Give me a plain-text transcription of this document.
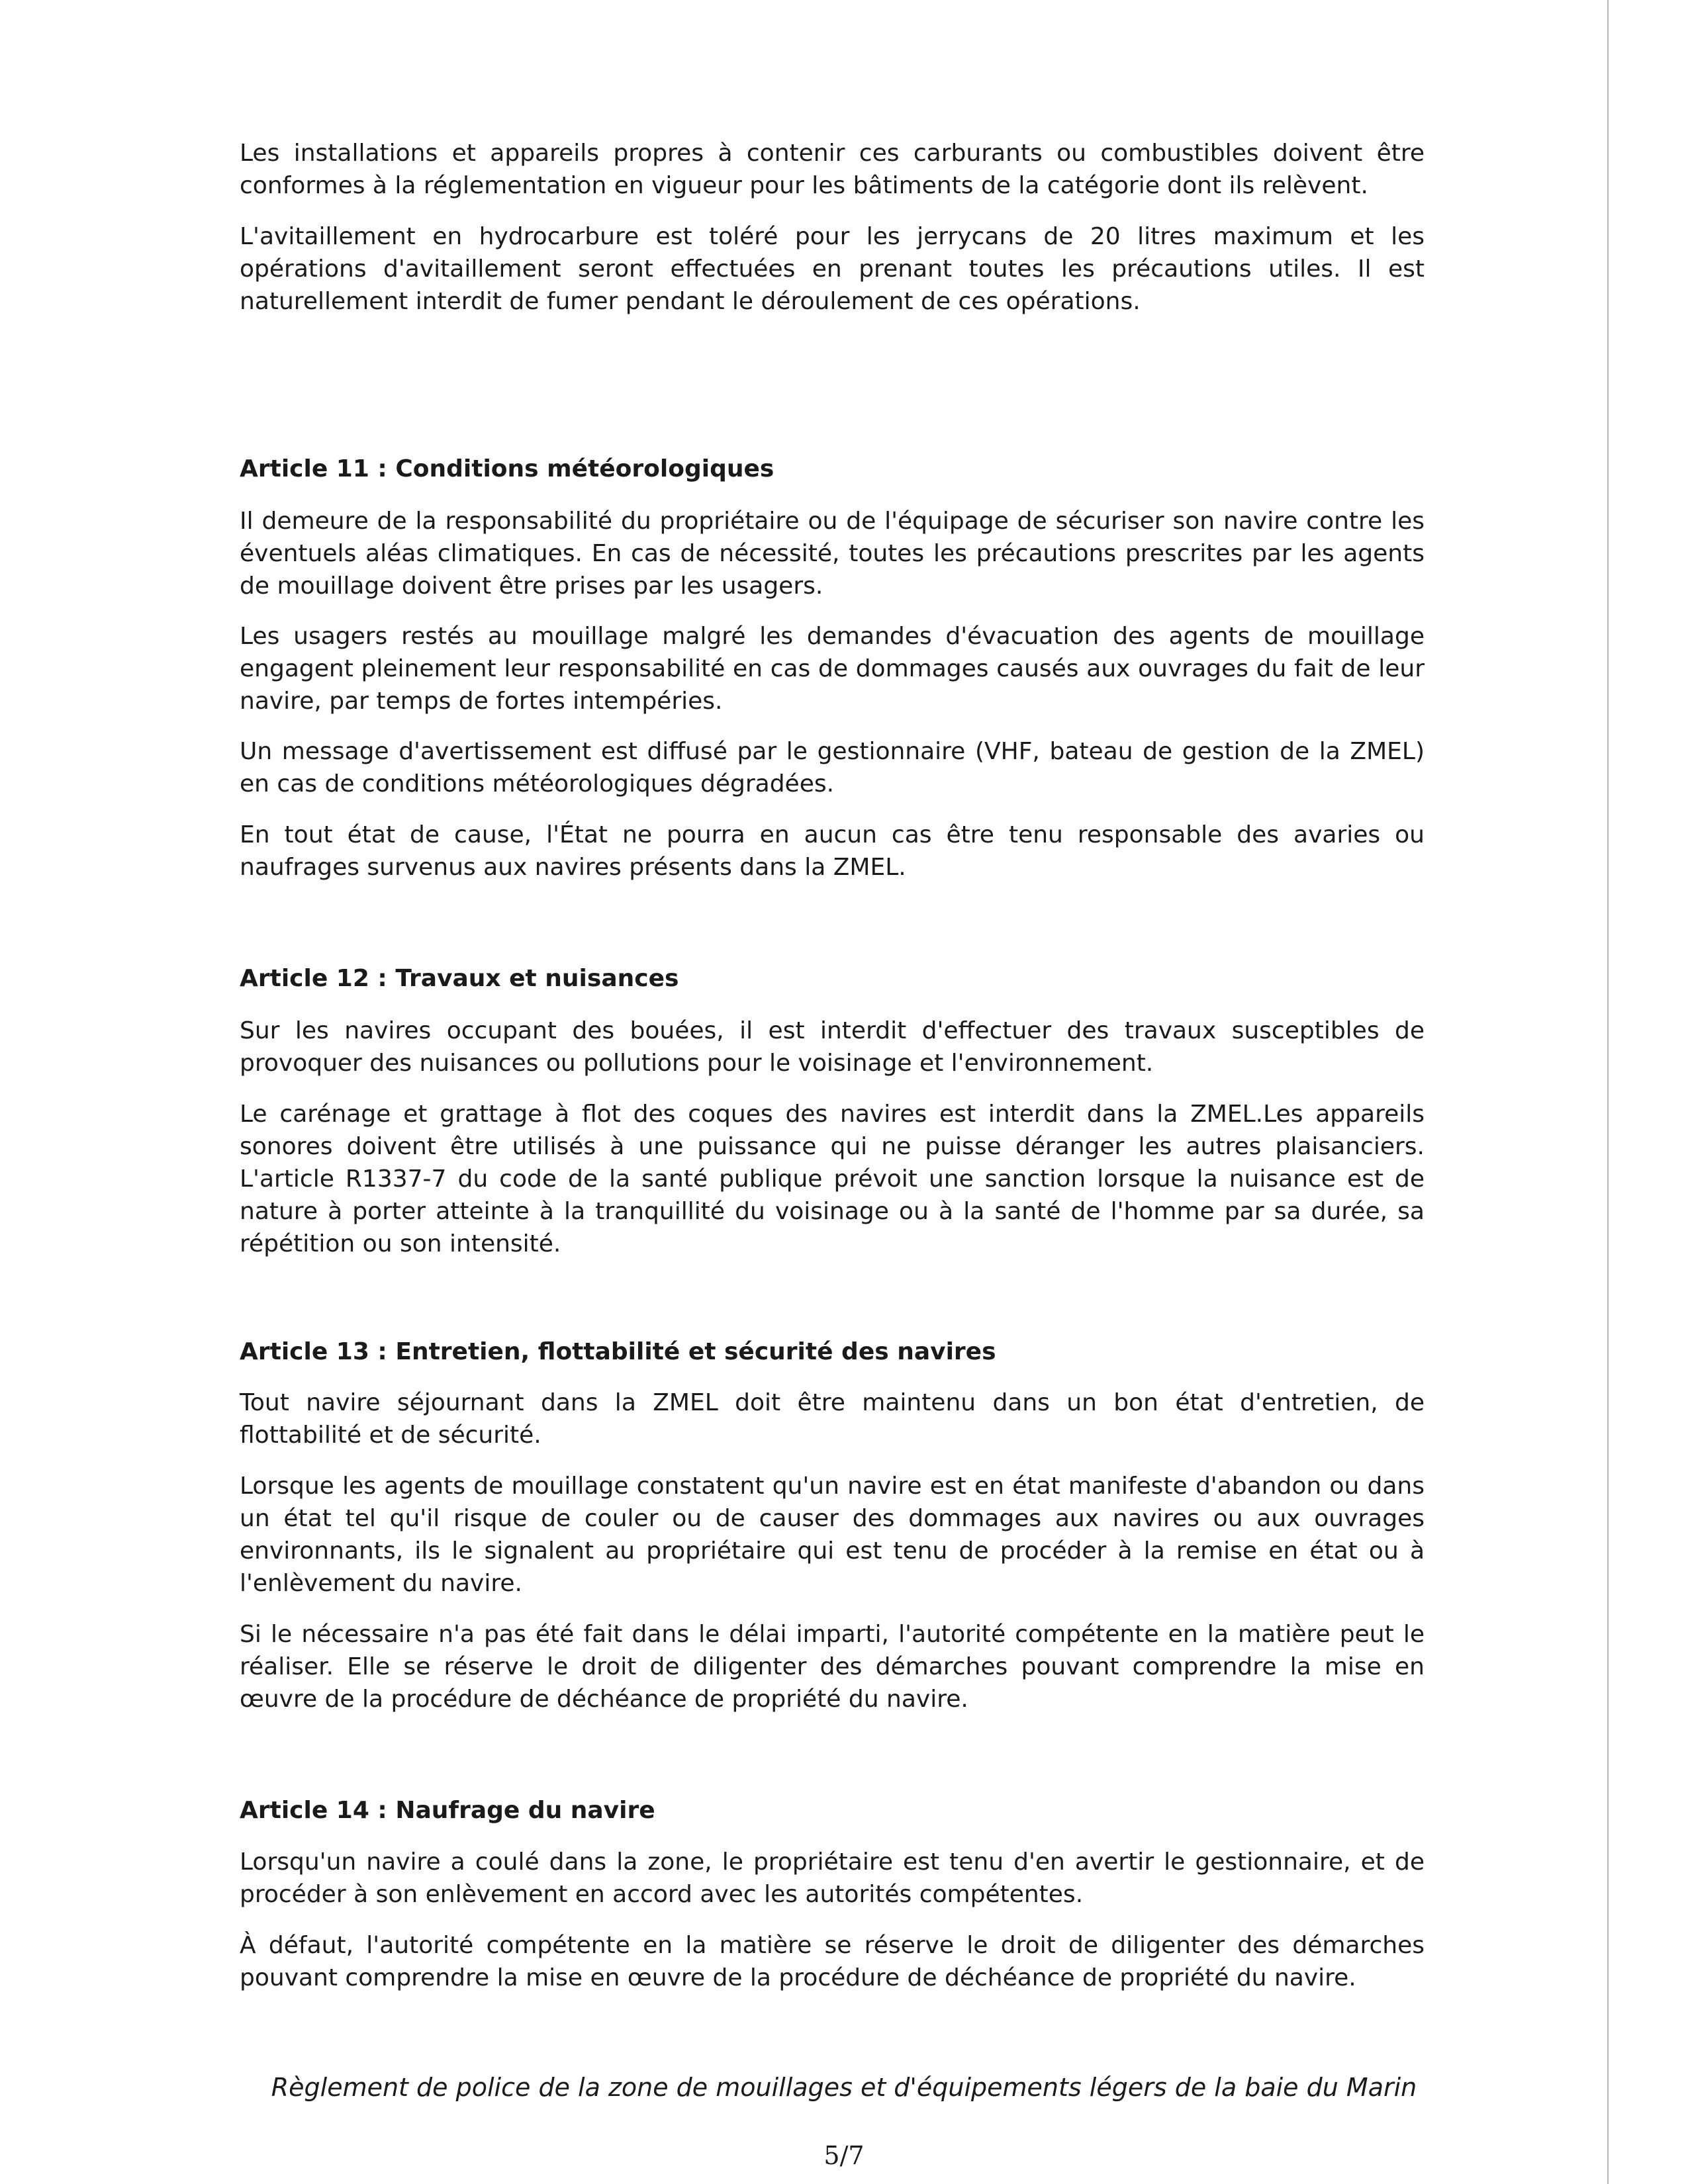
Les installations et appareils propres à contenir ces carburants ou combustibles doivent être conformes à la réglementation en vigueur pour les bâtiments de la catégorie dont ils relèvent.

L'avitaillement en hydrocarbure est toléré pour les jerrycans de 20 litres maximum et les opérations d'avitaillement seront effectuées en prenant toutes les précautions utiles. Il est naturellement interdit de fumer pendant le déroulement de ces opérations.

Article 11 : Conditions météorologiques

Il demeure de la responsabilité du propriétaire ou de l'équipage de sécuriser son navire contre les éventuels aléas climatiques. En cas de nécessité, toutes les précautions prescrites par les agents de mouillage doivent être prises par les usagers.

Les usagers restés au mouillage malgré les demandes d'évacuation des agents de mouillage engagent pleinement leur responsabilité en cas de dommages causés aux ouvrages du fait de leur navire, par temps de fortes intempéries.

Un message d'avertissement est diffusé par le gestionnaire (VHF, bateau de gestion de la ZMEL) en cas de conditions météorologiques dégradées.

En tout état de cause, l'État ne pourra en aucun cas être tenu responsable des avaries ou naufrages survenus aux navires présents dans la ZMEL.

Article 12 : Travaux et nuisances

Sur les navires occupant des bouées, il est interdit d'effectuer des travaux susceptibles de provoquer des nuisances ou pollutions pour le voisinage et l'environnement.

Le carénage et grattage à flot des coques des navires est interdit dans la ZMEL.Les appareils sonores doivent être utilisés à une puissance qui ne puisse déranger les autres plaisanciers. L'article R1337-7 du code de la santé publique prévoit une sanction lorsque la nuisance est de nature à porter atteinte à la tranquillité du voisinage ou à la santé de l'homme par sa durée, sa répétition ou son intensité.

Article 13 : Entretien, flottabilité et sécurité des navires

Tout navire séjournant dans la ZMEL doit être maintenu dans un bon état d'entretien, de flottabilité et de sécurité.

Lorsque les agents de mouillage constatent qu'un navire est en état manifeste d'abandon ou dans un état tel qu'il risque de couler ou de causer des dommages aux navires ou aux ouvrages environnants, ils le signalent au propriétaire qui est tenu de procéder à la remise en état ou à l'enlèvement du navire.

Si le nécessaire n'a pas été fait dans le délai imparti, l'autorité compétente en la matière peut le réaliser. Elle se réserve le droit de diligenter des démarches pouvant comprendre la mise en œuvre de la procédure de déchéance de propriété du navire.

Article 14 : Naufrage du navire

Lorsqu'un navire a coulé dans la zone, le propriétaire est tenu d'en avertir le gestionnaire, et de procéder à son enlèvement en accord avec les autorités compétentes.

À défaut, l'autorité compétente en la matière se réserve le droit de diligenter des démarches pouvant comprendre la mise en œuvre de la procédure de déchéance de propriété du navire.

Règlement de police de la zone de mouillages et d'équipements légers de la baie du Marin
5/7
